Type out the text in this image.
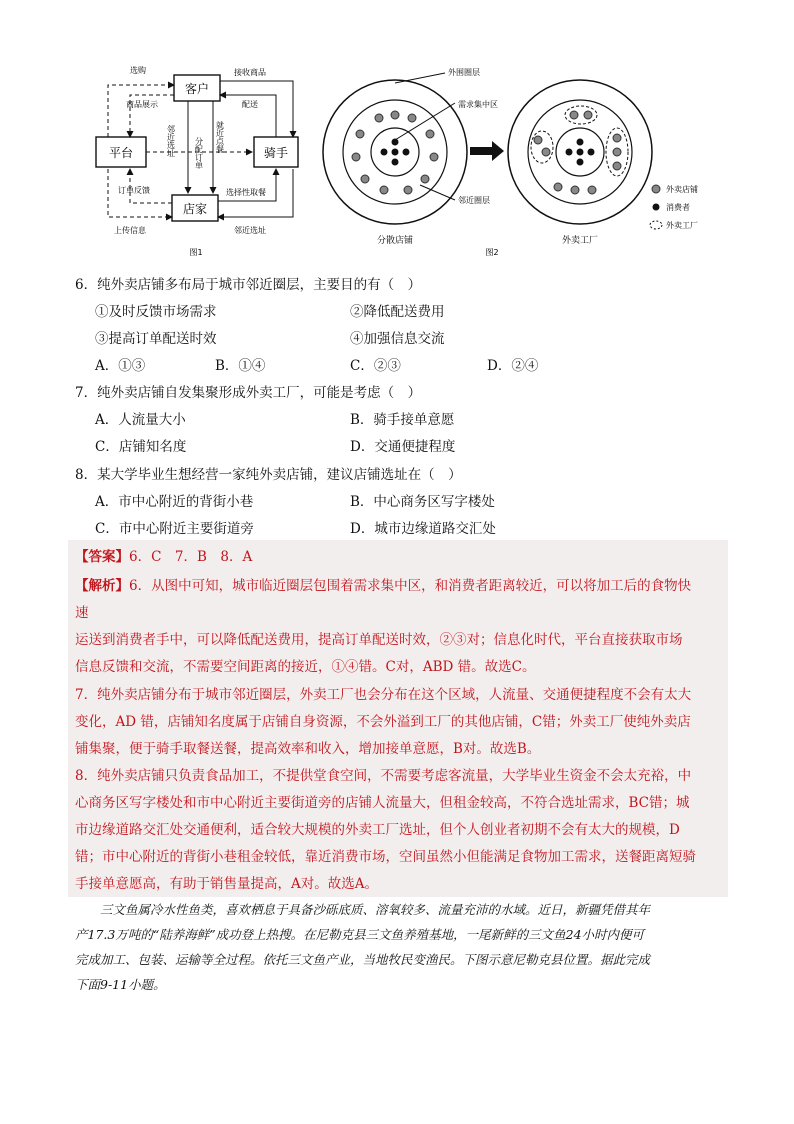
客户
平台	骑手
店家
选购
商品展示
接收商品
配送
邻近选址 分配订单 就近点餐
订单反馈
上传信息
选择性取餐
邻近选址
图1
分散店铺	外卖工厂
外围圈层
需求集中区
邻近圈层
图2
外卖店铺
消费者
外卖工厂
6．纯外卖店铺多布局于城市邻近圈层，主要目的有（　）
①及时反馈市场需求	②降低配送费用
③提高订单配送时效	④加强信息交流
A．①③	B．①④	C．②③	D．②④
7．纯外卖店铺自发集聚形成外卖工厂，可能是考虑（　）
A．人流量大小	B．骑手接单意愿
C．店铺知名度	D．交通便捷程度
8．某大学毕业生想经营一家纯外卖店铺，建议店铺选址在（　）
A．市中心附近的背街小巷	B．中心商务区写字楼处
C．市中心附近主要街道旁	D．城市边缘道路交汇处
【答案】6．C　7．B　8．A
【解析】6．从图中可知，城市临近圈层包围着需求集中区，和消费者距离较近，可以将加工后的食物快
速
运送到消费者手中，可以降低配送费用，提高订单配送时效，②③对；信息化时代，平台直接获取市场
信息反馈和交流，不需要空间距离的接近，①④错。C对，ABD 错。故选C。
7．纯外卖店铺分布于城市邻近圈层，外卖工厂也会分布在这个区域，人流量、交通便捷程度不会有太大
变化，AD 错，店铺知名度属于店铺自身资源，不会外溢到工厂的其他店铺，C错；外卖工厂使纯外卖店
铺集聚，便于骑手取餐送餐，提高效率和收入，增加接单意愿，B对。故选B。
8．纯外卖店铺只负责食品加工，不提供堂食空间，不需要考虑客流量，大学毕业生资金不会太充裕，中
心商务区写字楼处和市中心附近主要街道旁的店铺人流量大，但租金较高，不符合选址需求，BC错；城
市边缘道路交汇处交通便利，适合较大规模的外卖工厂选址，但个人创业者初期不会有太大的规模，D
错；市中心附近的背街小巷租金较低，靠近消费市场，空间虽然小但能满足食物加工需求，送餐距离短骑
手接单意愿高，有助于销售量提高，A对。故选A。
　　三文鱼属冷水性鱼类，喜欢栖息于具备沙砾底质、溶氧较多、流量充沛的水域。近日，新疆凭借其年
产17.3万吨的“陆养海鲜”成功登上热搜。在尼勒克县三文鱼养殖基地，一尾新鲜的三文鱼24小时内便可
完成加工、包装、运输等全过程。依托三文鱼产业，当地牧民变渔民。下图示意尼勒克县位置。据此完成
下面9-11小题。
